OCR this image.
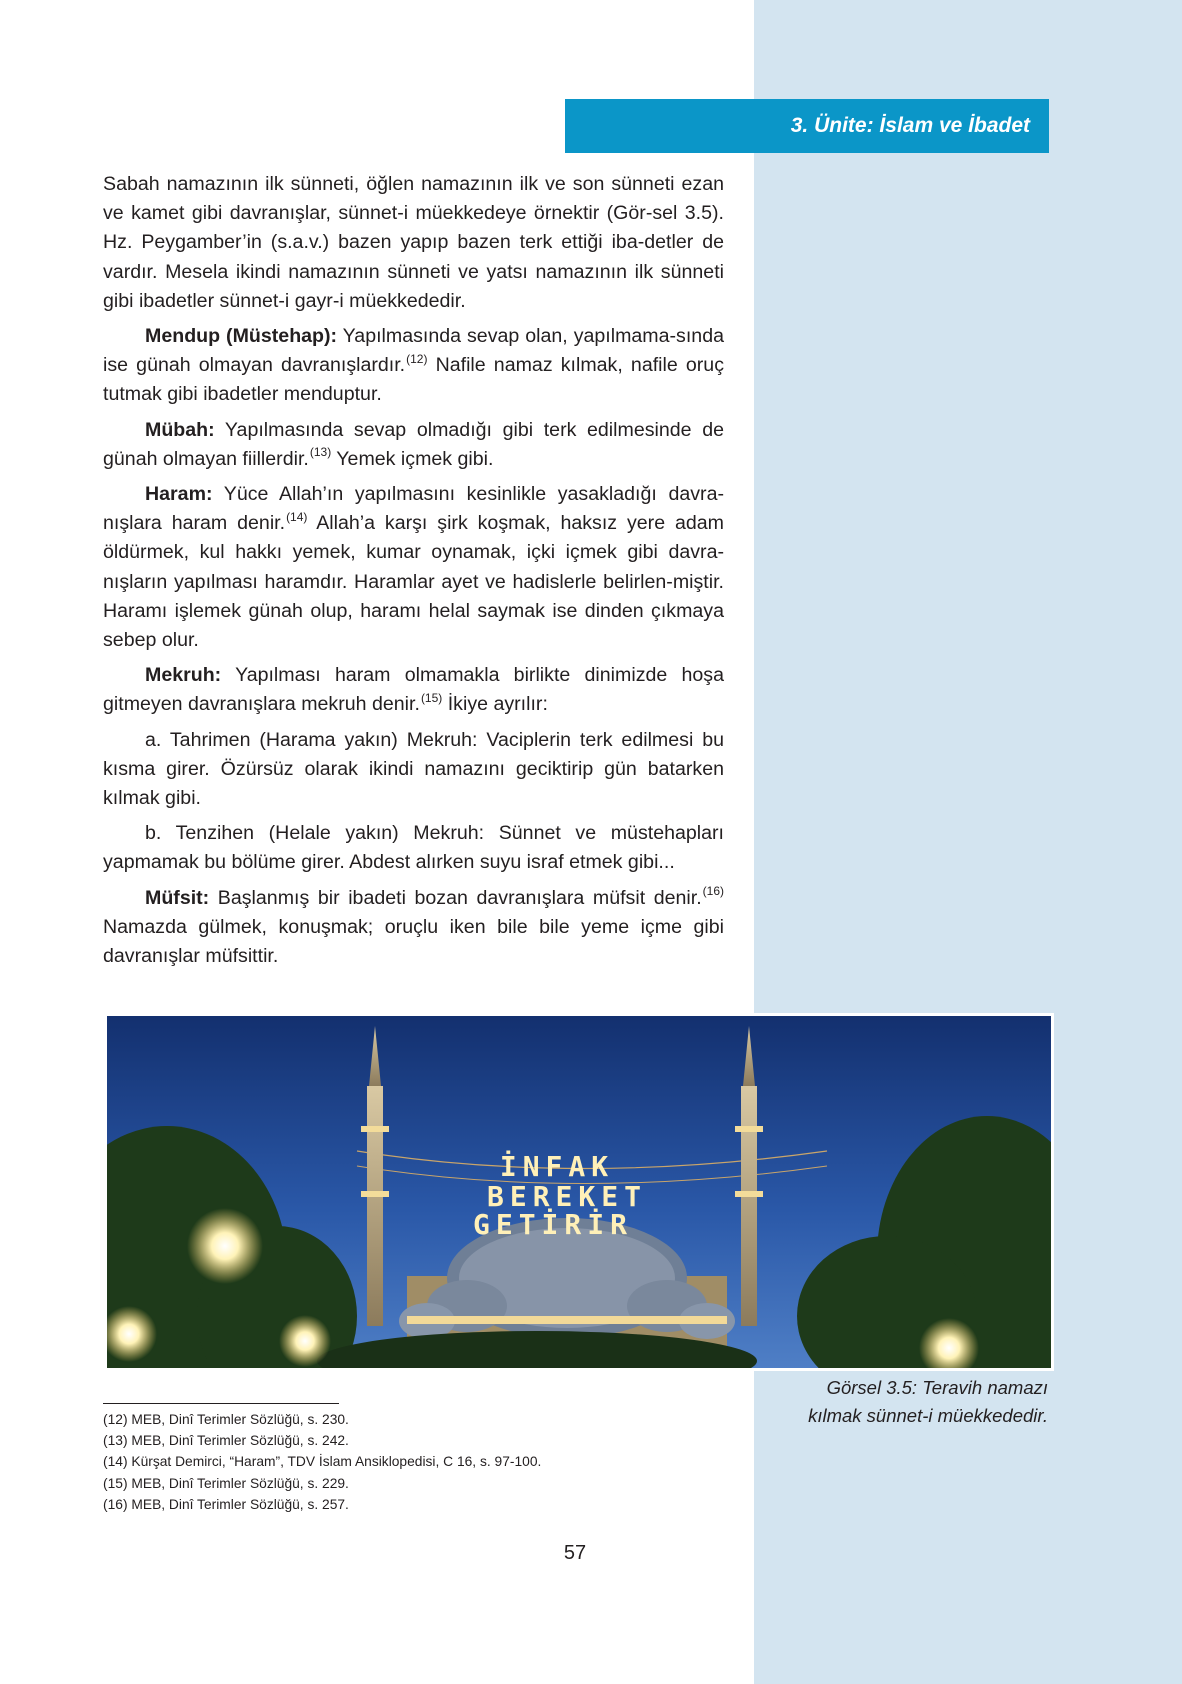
3. Ünite: İslam ve İbadet

Sabah namazının ilk sünneti, öğlen namazının ilk ve son sünneti ezan ve kamet gibi davranışlar, sünnet-i müekkedeye örnektir (Gör-sel 3.5). Hz. Peygamber’in (s.a.v.) bazen yapıp bazen terk ettiği iba-detler de vardır. Mesela ikindi namazının sünneti ve yatsı namazının ilk sünneti gibi ibadetler sünnet-i gayr-i müekkededir.

Mendup (Müstehap): Yapılmasında sevap olan, yapılmama-sında ise günah olmayan davranışlardır.$^{(12)}$ Nafile namaz kılmak, nafile oruç tutmak gibi ibadetler menduptur.

Mübah: Yapılmasında sevap olmadığı gibi terk edilmesinde de günah olmayan fiillerdir.$^{(13)}$ Yemek içmek gibi.

Haram: Yüce Allah’ın yapılmasını kesinlikle yasakladığı davra-nışlara haram denir.$^{(14)}$ Allah’a karşı şirk koşmak, haksız yere adam öldürmek, kul hakkı yemek, kumar oynamak, içki içmek gibi davra-nışların yapılması haramdır. Haramlar ayet ve hadislerle belirlen-miştir. Haramı işlemek günah olup, haramı helal saymak ise dinden çıkmaya sebep olur.

Mekruh: Yapılması haram olmamakla birlikte dinimizde hoşa gitmeyen davranışlara mekruh denir.$^{(15)}$ İkiye ayrılır:

a. Tahrimen (Harama yakın) Mekruh: Vaciplerin terk edilmesi bu kısma girer. Özürsüz olarak ikindi namazını geciktirip gün batarken kılmak gibi.

b. Tenzihen (Helale yakın) Mekruh: Sünnet ve müstehapları yapmamak bu bölüme girer. Abdest alırken suyu israf etmek gibi...

Müfsit: Başlanmış bir ibadeti bozan davranışlara müfsit denir.$^{(16)}$ Namazda gülmek, konuşmak; oruçlu iken bile bile yeme içme gibi davranışlar müfsittir.

İNFAK
BEREKET
GETİRİR
Görsel 3.5: Teravih namazı
kılmak sünnet-i müekkededir.
(12) MEB, Dinî Terimler Sözlüğü, s. 230.
(13) MEB, Dinî Terimler Sözlüğü, s. 242.
(14) Kürşat Demirci, “Haram”, TDV İslam Ansiklopedisi, C 16, s. 97-100.
(15) MEB, Dinî Terimler Sözlüğü, s. 229.
(16) MEB, Dinî Terimler Sözlüğü, s. 257.
57
